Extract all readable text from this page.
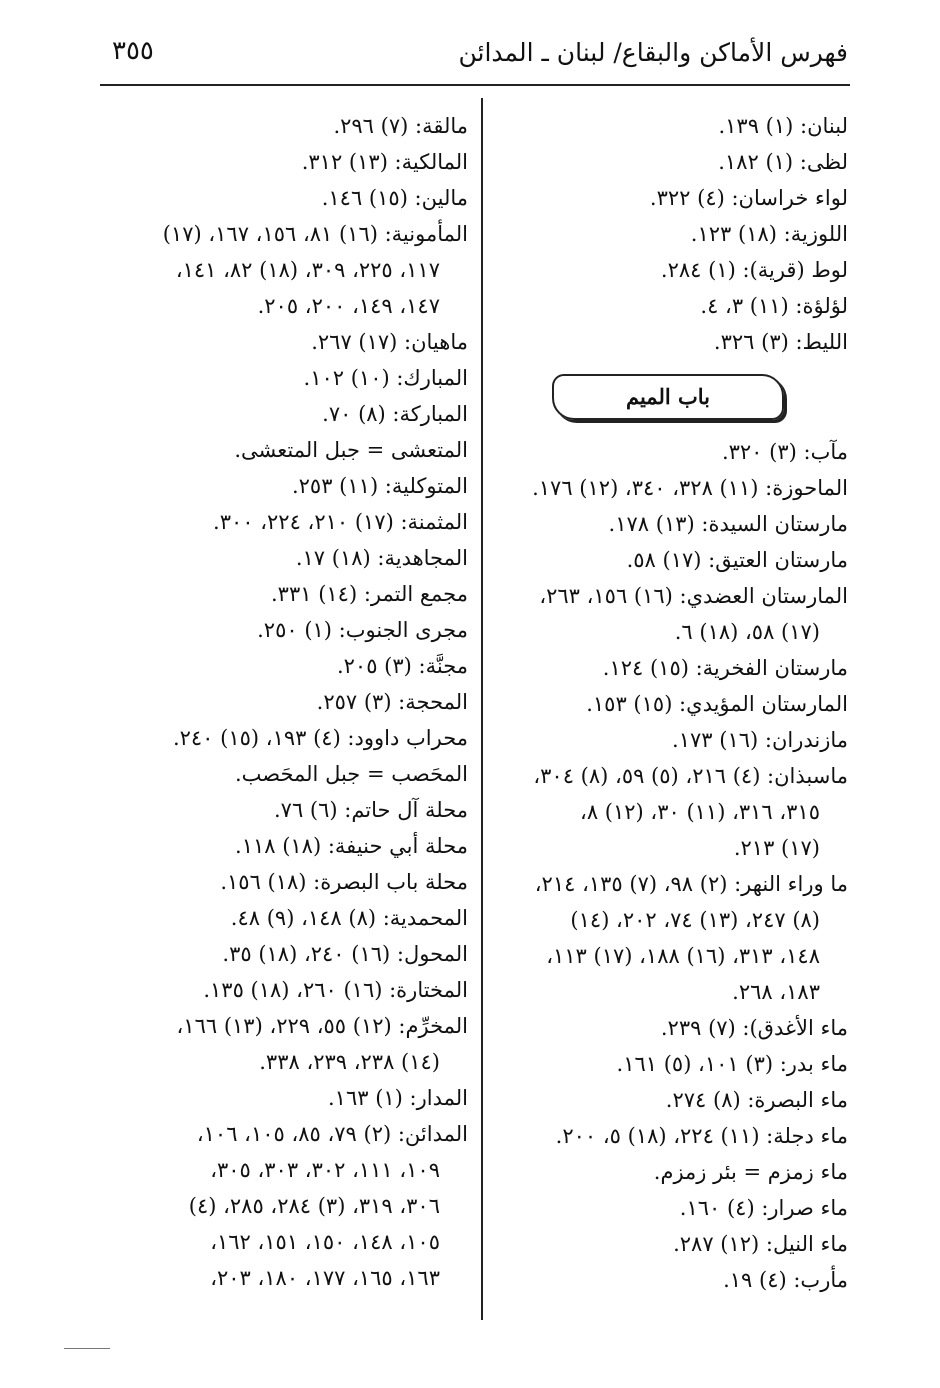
٣٥٥	فهرس الأماكن والبقاع/ لبنان ـ المدائن
لبنان: (١) ١٣٩.
لظى: (١) ١٨٢.
لواء خراسان: (٤) ٣٢٢.
اللوزية: (١٨) ١٢٣.
لوط (قرية): (١) ٢٨٤.
لؤلؤة: (١١) ٣، ٤.
الليط: (٣) ٣٢٦.
باب الميم
مآب: (٣) ٣٢٠.
الماحوزة: (١١) ٣٢٨، ٣٤٠، (١٢) ١٧٦.
مارستان السيدة: (١٣) ١٧٨.
مارستان العتيق: (١٧) ٥٨.
المارستان العضدي: (١٦) ١٥٦، ٢٦٣،
(١٧) ٥٨، (١٨) ٦.
مارستان الفخرية: (١٥) ١٢٤.
المارستان المؤيدي: (١٥) ١٥٣.
مازندران: (١٦) ١٧٣.
ماسبذان: (٤) ٢١٦، (٥) ٥٩، (٨) ٣٠٤،
٣١٥، ٣١٦، (١١) ٣٠، (١٢) ٨،
(١٧) ٢١٣.
ما وراء النهر: (٢) ٩٨، (٧) ١٣٥، ٢١٤،
(٨) ٢٤٧، (١٣) ٧٤، ٢٠٢، (١٤)
١٤٨، ٣١٣، (١٦) ١٨٨، (١٧) ١١٣،
١٨٣، ٢٦٨.
ماء الأغدق): (٧) ٢٣٩.
ماء بدر: (٣) ١٠١، (٥) ١٦١.
ماء البصرة: (٨) ٢٧٤.
ماء دجلة: (١١) ٢٢٤، (١٨) ٥، ٢٠٠.
ماء زمزم = بئر زمزم.
ماء صرار: (٤) ١٦٠.
ماء النيل: (١٢) ٢٨٧.
مأرب: (٤) ١٩.
مالقة: (٧) ٢٩٦.
المالكية: (١٣) ٣١٢.
مالين: (١٥) ١٤٦.
المأمونية: (١٦) ٨١، ١٥٦، ١٦٧، (١٧)
١١٧، ٢٢٥، ٣٠٩، (١٨) ٨٢، ١٤١،
١٤٧، ١٤٩، ٢٠٠، ٢٠٥.
ماهيان: (١٧) ٢٦٧.
المبارك: (١٠) ١٠٢.
المباركة: (٨) ٧٠.
المتعشى = جبل المتعشى.
المتوكلية: (١١) ٢٥٣.
المثمنة: (١٧) ٢١٠، ٢٢٤، ٣٠٠.
المجاهدية: (١٨) ١٧.
مجمع التمر: (١٤) ٣٣١.
مجرى الجنوب: (١) ٢٥٠.
مجنَّة: (٣) ٢٠٥.
المحجة: (٣) ٢٥٧.
محراب داوود: (٤) ١٩٣، (١٥) ٢٤٠.
المحَصب = جبل المحَصب.
محلة آل حاتم: (٦) ٧٦.
محلة أبي حنيفة: (١٨) ١١٨.
محلة باب البصرة: (١٨) ١٥٦.
المحمدية: (٨) ١٤٨، (٩) ٤٨.
المحول: (١٦) ٢٤٠، (١٨) ٣٥.
المختارة: (١٦) ٢٦٠، (١٨) ١٣٥.
المخرِّم: (١٢) ٥٥، ٢٢٩، (١٣) ١٦٦،
(١٤) ٢٣٨، ٢٣٩، ٣٣٨.
المدار: (١) ١٦٣.
المدائن: (٢) ٧٩، ٨٥، ١٠٥، ١٠٦،
١٠٩، ١١١، ٣٠٢، ٣٠٣، ٣٠٥،
٣٠٦، ٣١٩، (٣) ٢٨٤، ٢٨٥، (٤)
١٠٥، ١٤٨، ١٥٠، ١٥١، ١٦٢،
١٦٣، ١٦٥، ١٧٧، ١٨٠، ٢٠٣،
